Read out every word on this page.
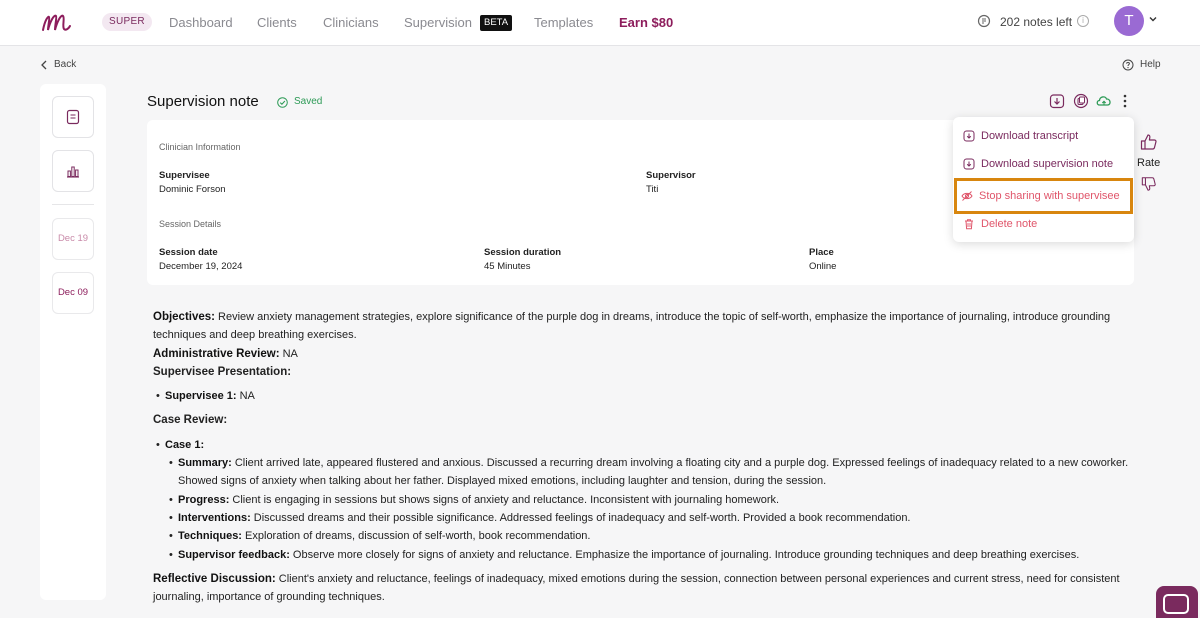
SUPER	Dashboard Clients Clinicians Supervision	BETA	Templates Earn $80	202 notes left	i	T
Back	Help
Dec 19
Dec 09
Supervision note	Saved
Clinician Information
Supervisee
Dominic Forson
Supervisor
Titi
Session Details
Session date
December 19, 2024
Session duration
45 Minutes
Place
Online
Download transcript
Download supervision note
Stop sharing with supervisee
Delete note
Rate

Objectives: Review anxiety management strategies, explore significance of the purple dog in dreams, introduce the topic of self-worth, emphasize the importance of journaling, introduce grounding techniques and deep breathing exercises.

Administrative Review: NA

Supervisee Presentation:

• Supervisee 1: NA

Case Review:

• Case 1:
• Summary: Client arrived late, appeared flustered and anxious. Discussed a recurring dream involving a floating city and a purple dog. Expressed feelings of inadequacy related to a new coworker. Showed signs of anxiety when talking about her father. Displayed mixed emotions, including laughter and tension, during the session.
• Progress: Client is engaging in sessions but shows signs of anxiety and reluctance. Inconsistent with journaling homework.
• Interventions: Discussed dreams and their possible significance. Addressed feelings of inadequacy and self-worth. Provided a book recommendation.
• Techniques: Exploration of dreams, discussion of self-worth, book recommendation.
• Supervisor feedback: Observe more closely for signs of anxiety and reluctance. Emphasize the importance of journaling. Introduce grounding techniques and deep breathing exercises.

Reflective Discussion: Client's anxiety and reluctance, feelings of inadequacy, mixed emotions during the session, connection between personal experiences and current stress, need for consistent journaling, importance of grounding techniques.
